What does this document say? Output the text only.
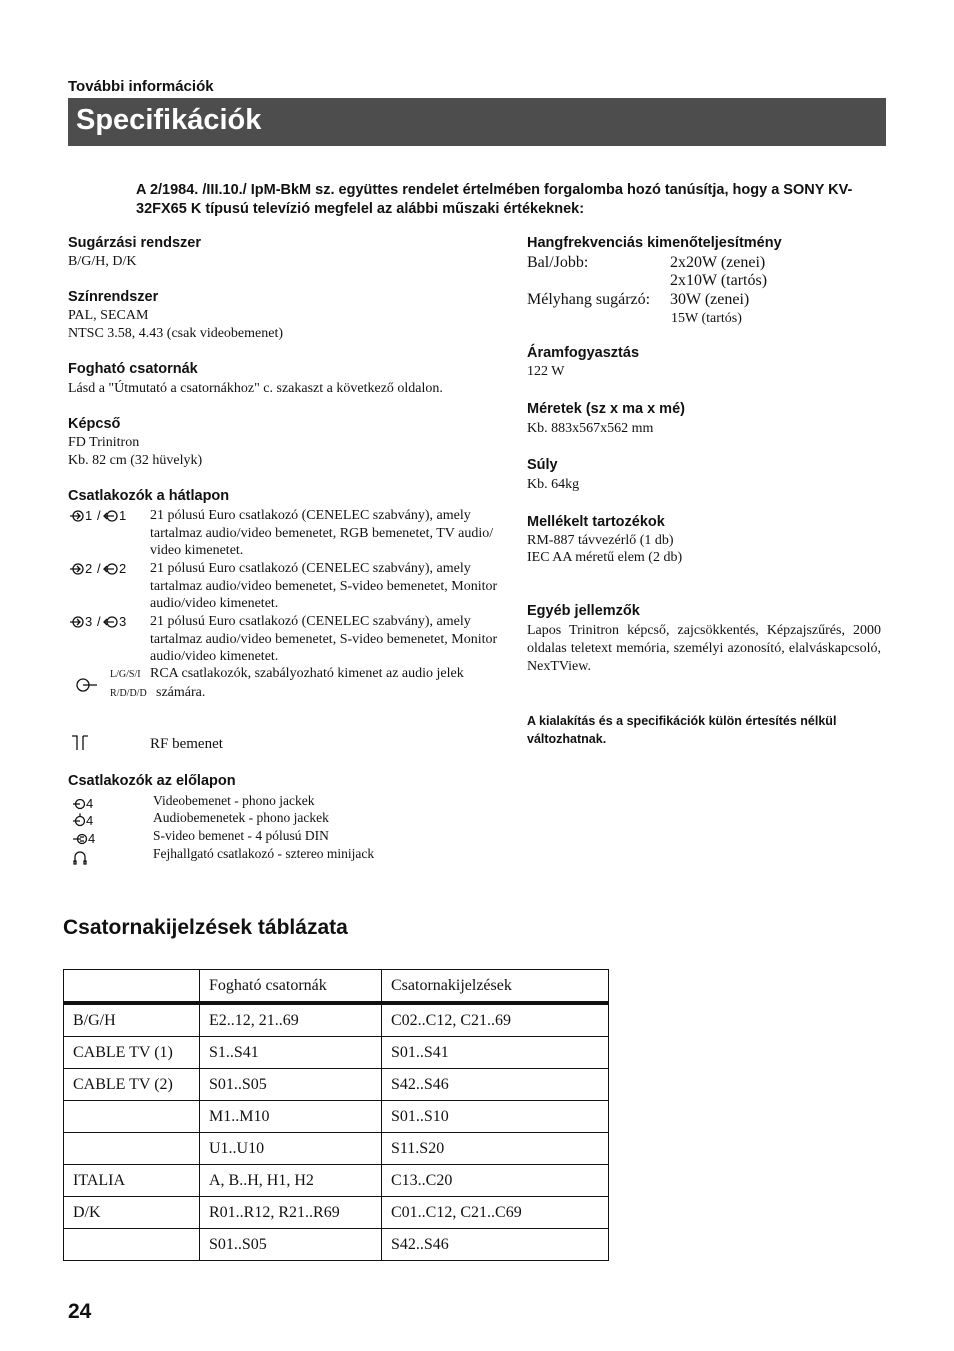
További információk
Specifikációk
A 2/1984. /III.10./ IpM-BkM sz. együttes rendelet értelmében forgalomba hozó tanúsítja, hogy a SONY KV-32FX65 K típusú televízió megfelel az alábbi műszaki értékeknek:
Sugárzási rendszer
B/G/H, D/K
Színrendszer
PAL, SECAM
NTSC 3.58, 4.43 (csak videobemenet)
Fogható csatornák
Lásd a "Útmutató a csatornákhoz" c. szakaszt a következő oldalon.
Képcső
FD Trinitron
Kb. 82 cm (32 hüvelyk)
Csatlakozók a hátlapon
1 / 1 21 pólusú Euro csatlakozó (CENELEC szabvány), amely tartalmaz audio/video bemenetet, RGB bemenetet, TV audio/ video kimenetet.
2 / 2 21 pólusú Euro csatlakozó (CENELEC szabvány), amely tartalmaz audio/video bemenetet, S-video bemenetet, Monitor audio/video kimenetet.
3 / 3 21 pólusú Euro csatlakozó (CENELEC szabvány), amely tartalmaz audio/video bemenetet, S-video bemenetet, Monitor audio/video kimenetet.
L/G/S/I
R/D/D/D
RCA csatlakozók, szabályozható kimenet az audio jelek
számára.
RF bemenet
Csatlakozók az előlapon
4	Videobemenet - phono jackek
4	Audiobemenetek - phono jackek
4	S-video bemenet - 4 pólusú DIN
Fejhallgató csatlakozó - sztereo minijack
Hangfrekvenciás kimenőteljesítmény
Bal/Jobb:	2x20W (zenei)
2x10W (tartós)
Mélyhang sugárzó: 30W (zenei)
15W (tartós)
Áramfogyasztás
122 W
Méretek (sz x ma x mé)
Kb. 883x567x562 mm
Súly
Kb. 64kg
Mellékelt tartozékok
RM-887 távvezérlő (1 db)
IEC AA méretű elem (2 db)
Egyéb jellemzők
Lapos Trinitron képcső, zajcsökkentés, Képzajszűrés, 2000 oldalas teletext memória, személyi azonosító, elalváskapcsoló, NexTView.
A kialakítás és a specifikációk külön értesítés nélkül változhatnak.
Csatornakijelzések táblázata
	Fogható csatornák	Csatornakijelzések
B/G/H	E2..12, 21..69	C02..C12, C21..69
CABLE TV (1)	S1..S41	S01..S41
CABLE TV (2)	S01..S05	S42..S46
	M1..M10	S01..S10
	U1..U10	S11.S20
ITALIA	A, B..H, H1, H2	C13..C20
D/K	R01..R12, R21..R69	C01..C12, C21..C69
	S01..S05	S42..S46
24
